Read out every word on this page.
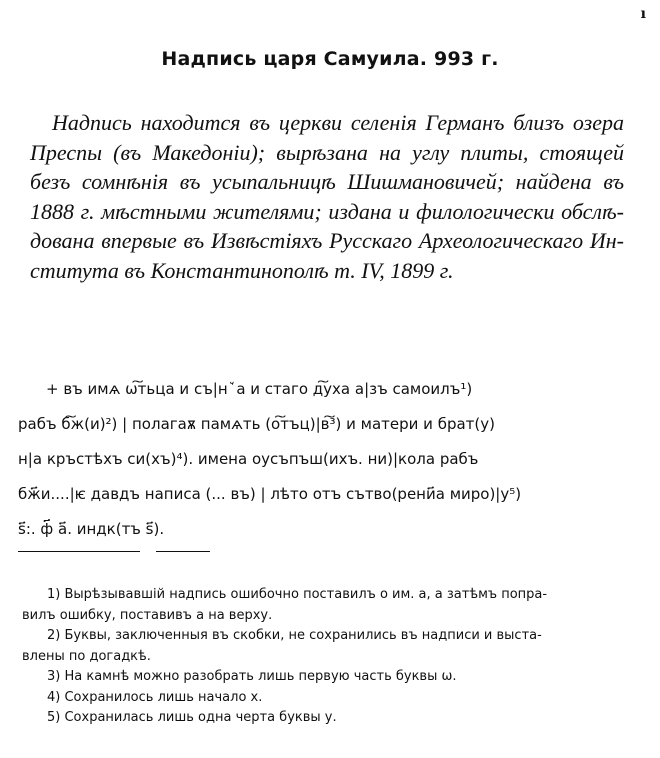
ı
Надпись царя Самуила. 993 г.
Надпись находится въ церкви селенія Германъ близъ озера
Преспы (въ Македоніи); вырѣзана на углу плиты, стоящей
безъ сомнѣнія въ усыпальницѣ Шишмановичей; найдена въ
1888 г. мѣстными жителями; издана и филологически обслѣ-
дована впервые въ Извѣстіяхъ Русскаго Археологическаго Ин-
ститута въ Константинополѣ т. IV, 1899 г.
+ въ имѧ ѡ͠тьца и съ|нꙿа и стаго д͠уха а|зъ самоилъ¹)
рабъ б͠ж(и)²) | полагаѫ памѧть (о͠тъц)|в͠³) и матери и брат(у)
н|а кръстѣхъ си(хъ)⁴). имена оусъпъш(ихъ. ни)|кола рабъ
бж҃и....|ѥ давдъ написа (... въ) | лѣто отъ сътво(рени҃а миро)|у⁵)
ѕ҃:. ф҃ а҃. индк(тъ ѕ҃).
1) Вырѣзывавшій надпись ошибочно поставилъ о им. а, а затѣмъ попра-
вилъ ошибку, поставивъ а на верху.
2) Буквы, заключенныя въ скобки, не сохранились въ надписи и выста-
влены по догадкѣ.
3) На камнѣ можно разобрать лишь первую часть буквы ѡ.
4) Сохранилось лишь начало х.
5) Сохранилась лишь одна черта буквы у.
